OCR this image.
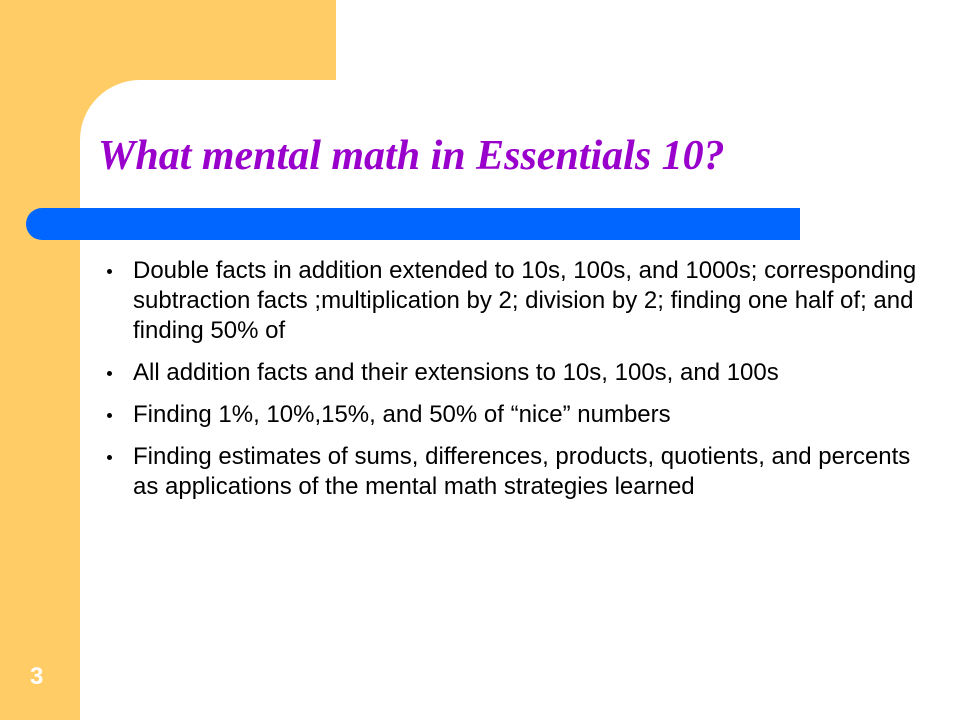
3
What mental math in Essentials 10?
Double facts in addition extended to 10s, 100s, and 1000s; corresponding subtraction facts ;multiplication by 2; division by 2; finding one half of; and finding 50% of
All addition facts and their extensions to 10s, 100s, and 100s
Finding 1%, 10%,15%, and 50% of “nice” numbers
Finding estimates of sums, differences, products, quotients, and percents as applications of the mental math strategies learned
